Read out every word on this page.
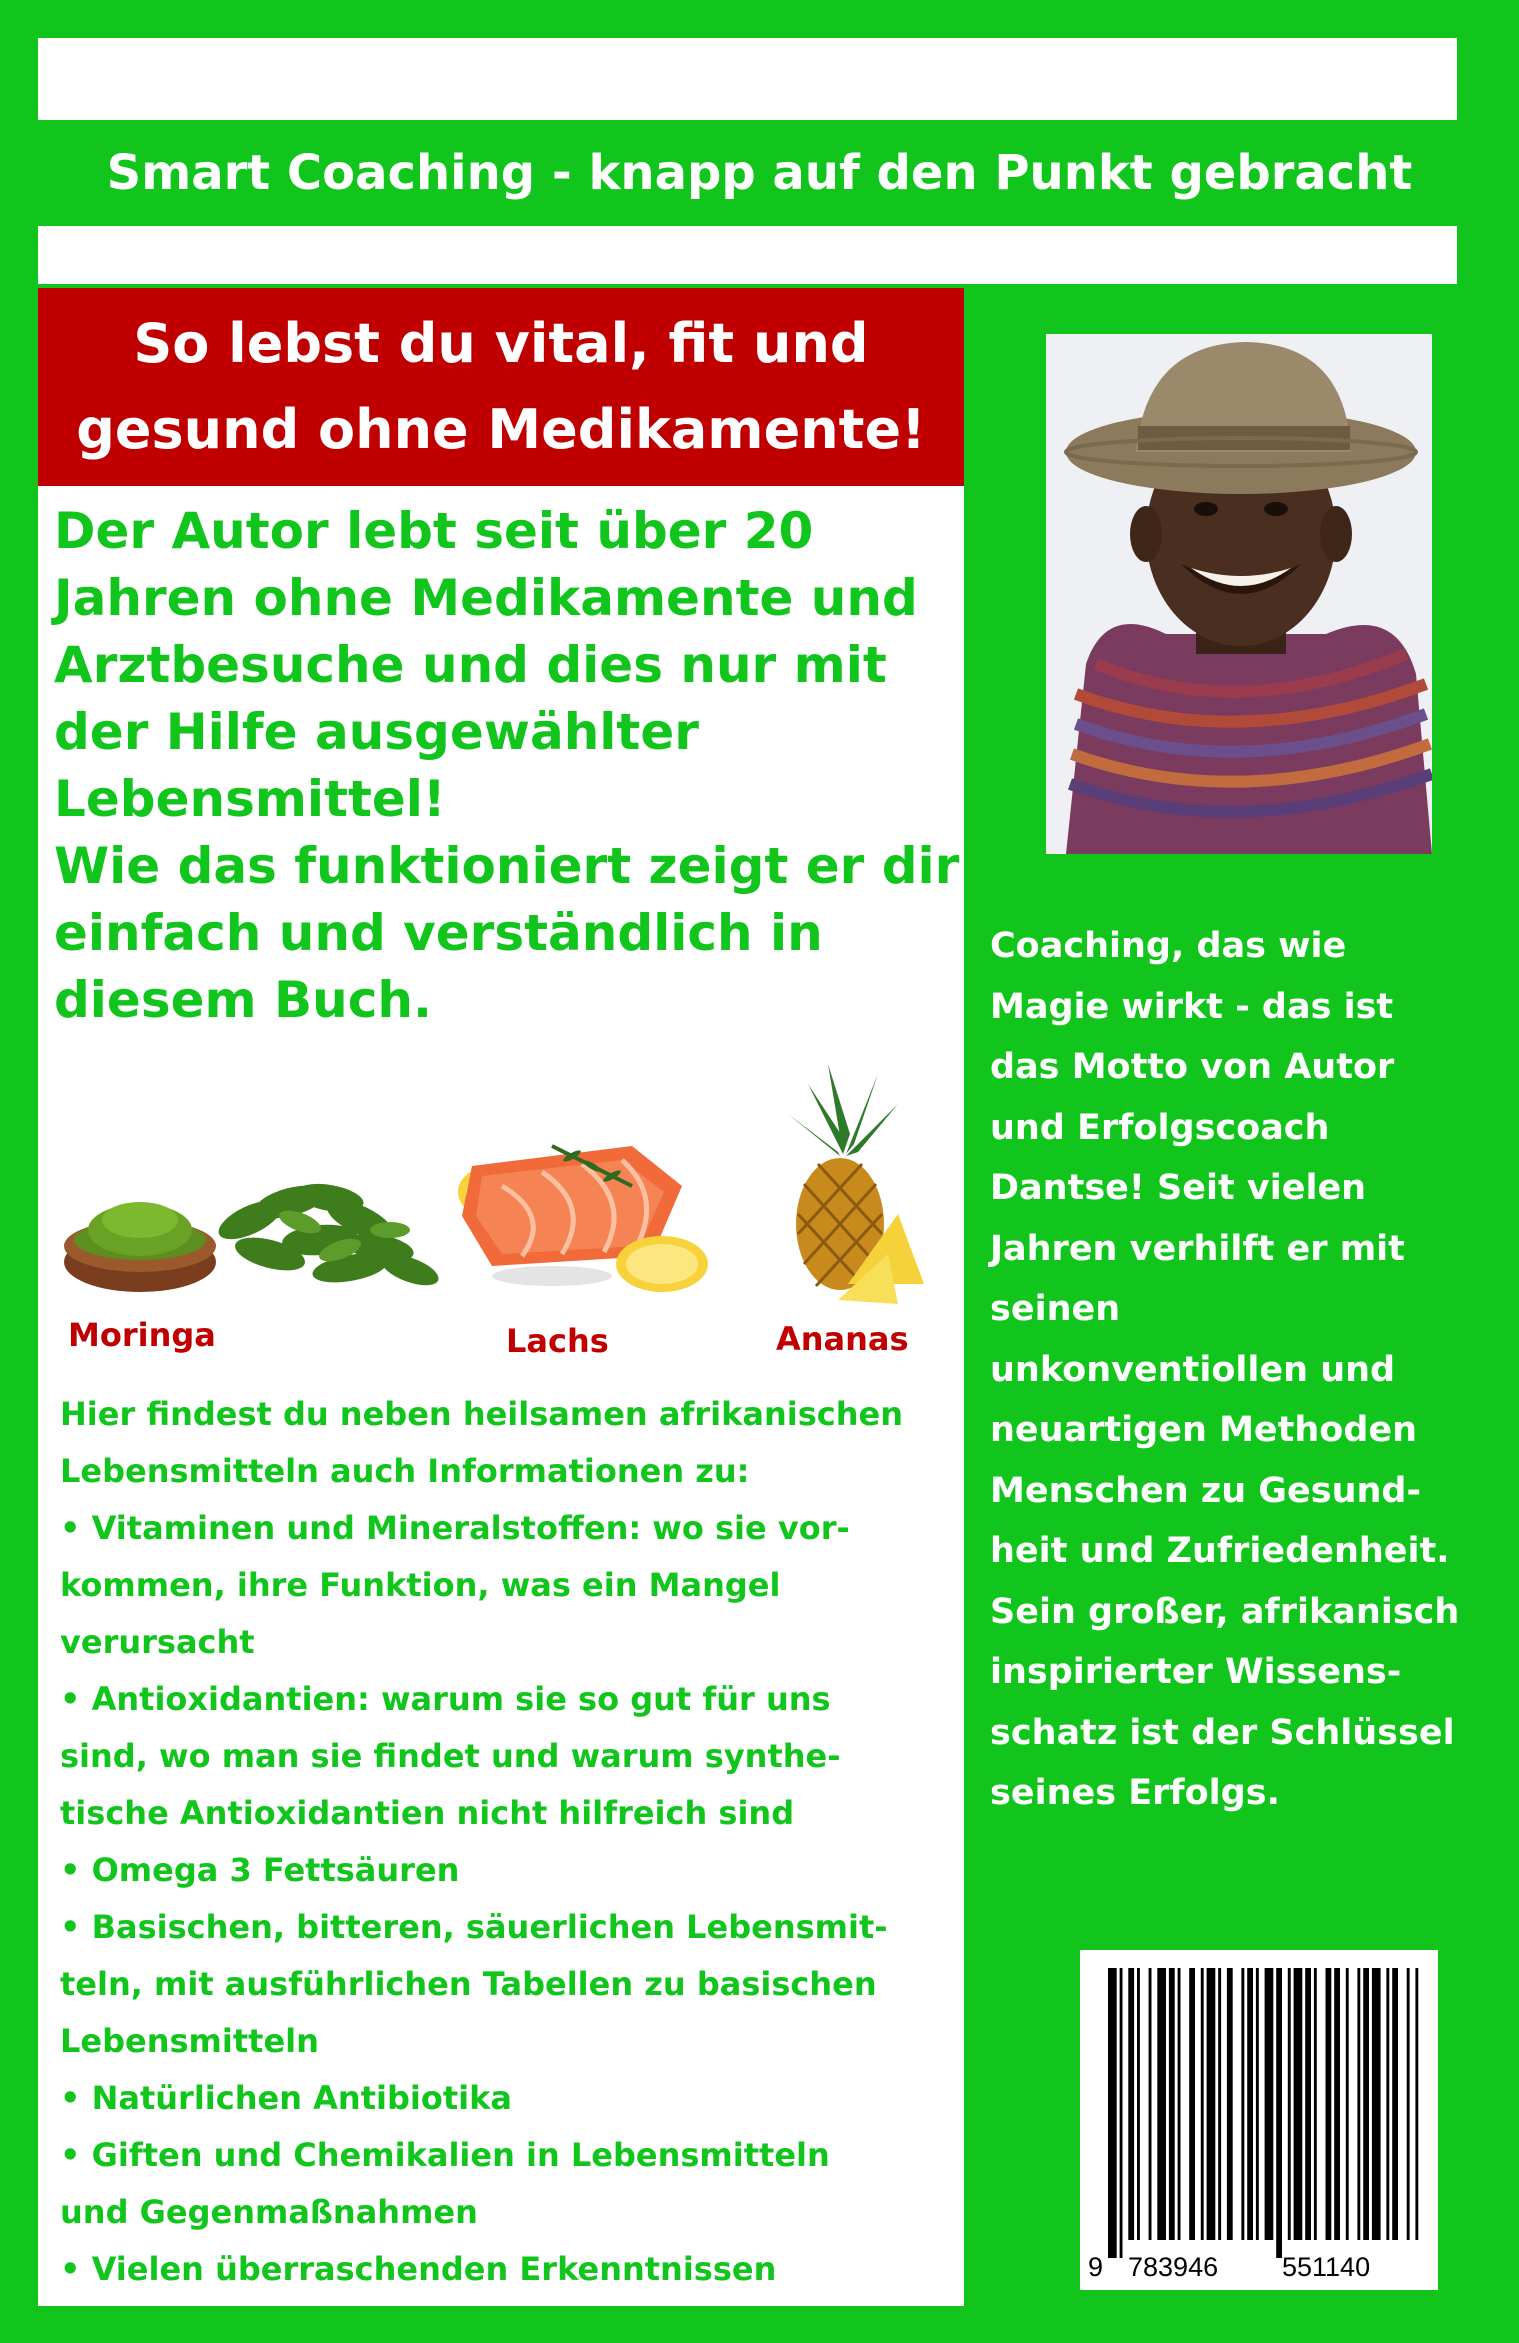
Smart Coaching - knapp auf den Punkt gebracht
So lebst du vital, fit und
gesund ohne Medikamente!
Der Autor lebt seit über 20
Jahren ohne Medikamente und
Arztbesuche und dies nur mit
der Hilfe ausgewählter
Lebensmittel!
Wie das funktioniert zeigt er dir
einfach und verständlich in
diesem Buch.
Moringa	Lachs	Ananas
Hier findest du neben heilsamen afrikanischen
Lebensmitteln auch Informationen zu:
• Vitaminen und Mineralstoffen: wo sie vor-
kommen, ihre Funktion, was ein Mangel
verursacht
• Antioxidantien: warum sie so gut für uns
sind, wo man sie findet und warum synthe-
tische Antioxidantien nicht hilfreich sind
• Omega 3 Fettsäuren
• Basischen, bitteren, säuerlichen Lebensmit-
teln, mit ausführlichen Tabellen zu basischen
Lebensmitteln
• Natürlichen Antibiotika
• Giften und Chemikalien in Lebensmitteln
und Gegenmaßnahmen
• Vielen überraschenden Erkenntnissen
Coaching, das wie
Magie wirkt - das ist
das Motto von Autor
und Erfolgscoach
Dantse! Seit vielen
Jahren verhilft er mit
seinen
unkonventiollen und
neuartigen Methoden
Menschen zu Gesund-
heit und Zufriedenheit.
Sein großer, afrikanisch
inspirierter Wissens-
schatz ist der Schlüssel
seines Erfolgs.
9 783946 551140
